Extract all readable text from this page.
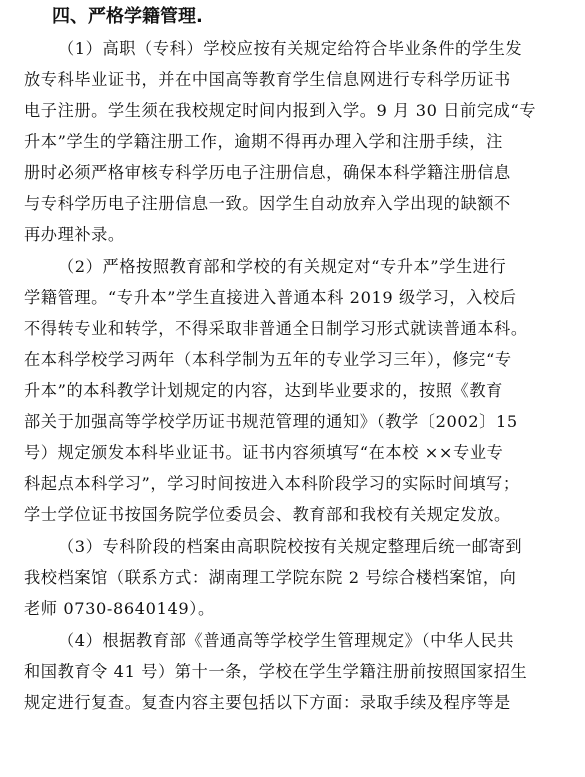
四、严格学籍管理.
（1）高职（专科）学校应按有关规定给符合毕业条件的学生发
放专科毕业证书，并在中国高等教育学生信息网进行专科学历证书
电子注册。学生须在我校规定时间内报到入学。9 月 30 日前完成“专
升本”学生的学籍注册工作，逾期不得再办理入学和注册手续，注
册时必须严格审核专科学历电子注册信息，确保本科学籍注册信息
与专科学历电子注册信息一致。因学生自动放弃入学出现的缺额不
再办理补录。
（2）严格按照教育部和学校的有关规定对“专升本”学生进行
学籍管理。“专升本”学生直接进入普通本科 2019 级学习，入校后
不得转专业和转学，不得采取非普通全日制学习形式就读普通本科。
在本科学校学习两年（本科学制为五年的专业学习三年），修完“专
升本”的本科教学计划规定的内容，达到毕业要求的，按照《教育
部关于加强高等学校学历证书规范管理的通知》（教学〔2002〕15
号）规定颁发本科毕业证书。证书内容须填写“在本校 ××专业专
科起点本科学习”，学习时间按进入本科阶段学习的实际时间填写；
学士学位证书按国务院学位委员会、教育部和我校有关规定发放。
（3）专科阶段的档案由高职院校按有关规定整理后统一邮寄到
我校档案馆（联系方式：湖南理工学院东院 2 号综合楼档案馆，向
老师 0730-8640149）。
（4）根据教育部《普通高等学校学生管理规定》（中华人民共
和国教育令 41 号）第十一条，学校在学生学籍注册前按照国家招生
规定进行复查。复查内容主要包括以下方面：录取手续及程序等是
